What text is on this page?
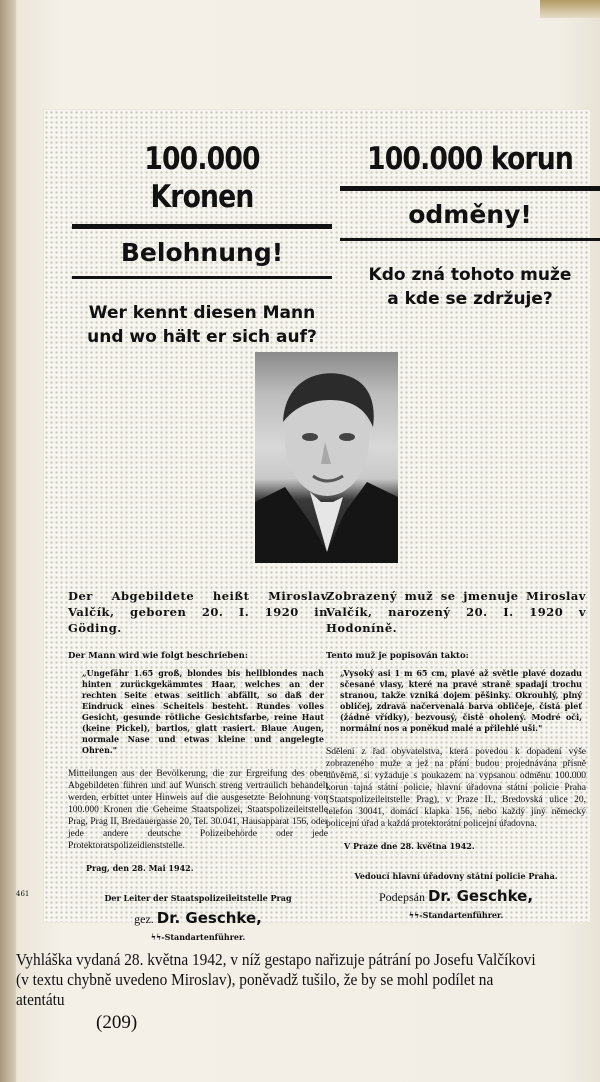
100.000 Kronen
Belohnung!
Wer kennt diesen Mann
und wo hält er sich auf?
100.000 korun
odměny!
Kdo zná tohoto muže
a kde se zdržuje?
Der Abgebildete heißt Miroslav Valčík, geboren 20. I. 1920 in Göding.
Der Mann wird wie folgt beschrieben:
„Ungefähr 1.65 groß, blondes bis hellblondes nach hinten zurückgekämmtes Haar, welches an der rechten Seite etwas seitlich abfällt, so daß der Eindruck eines Scheitels besteht. Rundes volles Gesicht, gesunde rötliche Gesichtsfarbe, reine Haut (keine Pickel), bartlos, glatt rasiert. Blaue Augen, normale Nase und etwas kleine und angelegte Ohren."
Mitteilungen aus der Bevölkerung, die zur Ergreifung des oben Abgebildeten führen und auf Wunsch streng vertraulich behandelt werden, erbittet unter Hinweis auf die ausgesetzte Belohnung von 100.000 Kronen die Geheime Staatspolizei, Staatspolizeileitstelle Prag, Prag II, Bredauergasse 20, Tel. 30.041, Hausapparat 156, oder jede andere deutsche Polizeibehörde oder jede Protektoratspolizeidienststelle.
Prag, den 28. Mai 1942.
Der Leiter der Staatspolizeileitstelle Prag
gez. Dr. Geschke,
ϟϟ-Standartenführer.
Zobrazený muž se jmenuje Miroslav Valčík, narozený 20. I. 1920 v Hodoníně.
Tento muž je popisován takto:
„Vysoký asi 1 m 65 cm, plavé až světle plavé dozadu sčesané vlasy, které na pravé straně spadají trochu stranou, takže vzniká dojem pěšinky. Okrouhlý, plný obličej, zdravá načervenalá barva obličeje, čistá pleť (žádné vřídky), bezvousý, čistě oholený. Modré oči, normální nos a poněkud malé a přilehlé uši."
Sdělení z řad obyvatelstva, která povedou k dopadení výše zobrazeného muže a jež na přání budou projednávána přísně důvěrně, si vyžaduje s poukazem na vypsanou odměnu 100.000 korun tajná státní policie, hlavní úřadovna státní policie Praha (Staatspolizeileitstelle Prag), v Praze II., Bredovská ulice 20, telefon 30041, domácí klapka 156, nebo každý jiný německý policejní úřad a každá protektorátní policejní úřadovna.
V Praze dne 28. května 1942.
Vedoucí hlavní úřadovny státní policie Praha.
Podepsán Dr. Geschke,
ϟϟ-Standartenführer.
461
Vyhláška vydaná 28. května 1942, v níž gestapo nařizuje pátrání po Josefu Valčíkovi (v textu chybně uvedeno Miroslav), poněvadž tušilo, že by se mohl podílet na atentátu
(209)
